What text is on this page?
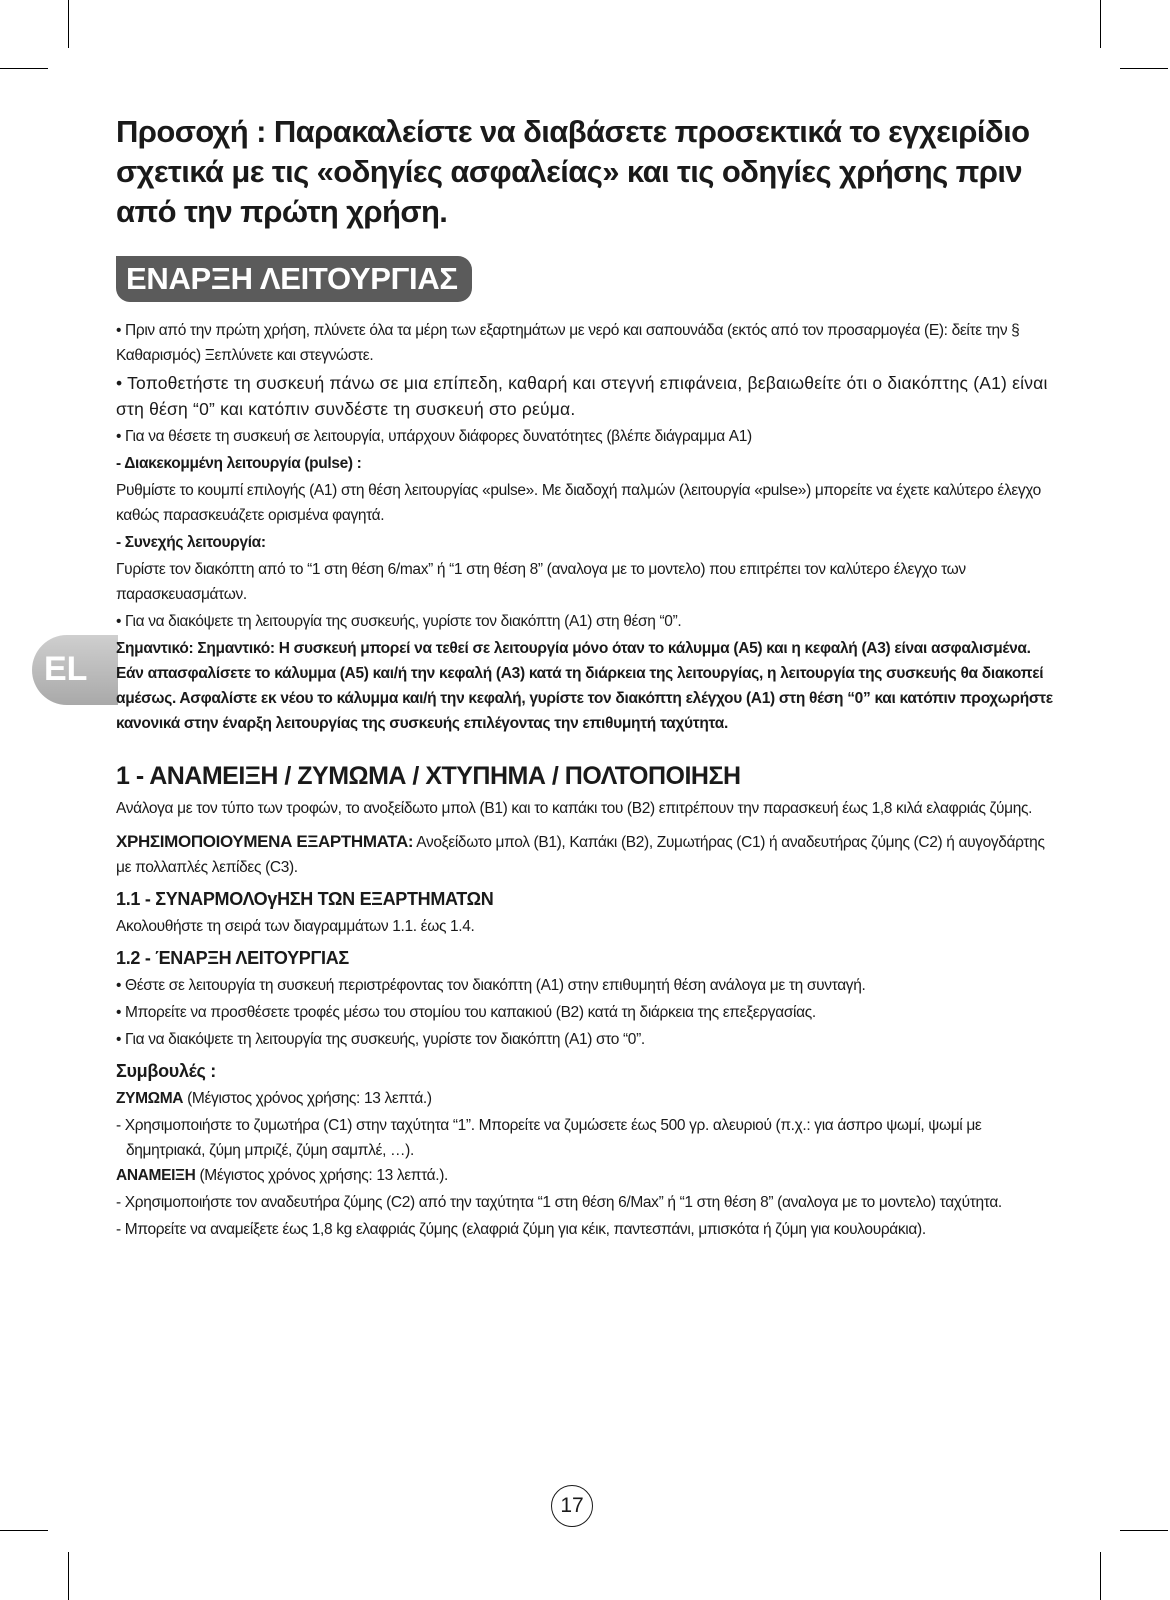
EL

Προσοχή : Παρακαλείστε να διαβάσετε προσεκτικά το εγχειρίδιο σχετικά με τις «οδηγίες ασφαλείας» και τις οδηγίες χρήσης πριν από την πρώτη χρήση.

ΕΝΑΡΞΗ ΛΕΙΤΟΥΡΓΙΑΣ

• Πριν από την πρώτη χρήση, πλύνετε όλα τα μέρη των εξαρτημάτων με νερό και σαπουνάδα (εκτός από τον προσαρμογέα (E): δείτε την § Καθαρισμός) Ξεπλύνετε και στεγνώστε.

• Τοποθετήστε τη συσκευή πάνω σε μια επίπεδη, καθαρή και στεγνή επιφάνεια, βεβαιωθείτε ότι ο διακόπτης (A1) είναι στη θέση “0” και κατόπιν συνδέστε τη συσκευή στο ρεύμα.

• Για να θέσετε τη συσκευή σε λειτουργία, υπάρχουν διάφορες δυνατότητες (βλέπε διάγραμμα A1)

- Διακεκομμένη λειτουργία (pulse) :

Ρυθμίστε το κουμπί επιλογής (A1) στη θέση λειτουργίας «pulse». Με διαδοχή παλμών (λειτουργία «pulse») μπορείτε να έχετε καλύτερο έλεγχο καθώς παρασκευάζετε ορισμένα φαγητά.

- Συνεχής λειτουργία:

Γυρίστε τον διακόπτη από το “1 στη θέση 6/max” ή “1 στη θέση 8” (αναλογα με το μοντελο) που επιτρέπει τον καλύτερο έλεγχο των παρασκευασμάτων.

• Για να διακόψετε τη λειτουργία της συσκευής, γυρίστε τον διακόπτη (A1) στη θέση “0”.

Σημαντικό: Σημαντικό: Η συσκευή μπορεί να τεθεί σε λειτουργία μόνο όταν το κάλυμμα (A5) και η κεφαλή (A3) είναι ασφαλισμένα. Εάν απασφαλίσετε το κάλυμμα (A5) και/ή την κεφαλή (A3) κατά τη διάρκεια της λειτουργίας, η λειτουργία της συσκευής θα διακοπεί αμέσως. Ασφαλίστε εκ νέου το κάλυμμα και/ή την κεφαλή, γυρίστε τον διακόπτη ελέγχου (A1) στη θέση “0” και κατόπιν προχωρήστε κανονικά στην έναρξη λειτουργίας της συσκευής επιλέγοντας την επιθυμητή ταχύτητα.

1 - ΑΝΑΜΕΙΞΗ / ΖΥΜΩΜΑ / ΧΤΥΠΗΜΑ / ΠΟΛΤΟΠΟΙΗΣΗ

Ανάλογα με τον τύπο των τροφών, το ανοξείδωτο μπολ (B1) και το καπάκι του (B2) επιτρέπουν την παρασκευή έως 1,8 κιλά ελαφριάς ζύμης.

ΧΡΗΣΙΜΟΠΟΙΟΥΜΕΝΑ ΕΞΑΡΤΗΜΑΤΑ: Ανοξείδωτο μπολ (B1), Καπάκι (B2), Ζυμωτήρας (C1) ή αναδευτήρας ζύμης (C2) ή αυγογδάρτης με πολλαπλές λεπίδες (C3).

1.1 - ΣΥΝΑΡΜΟΛΟγΗΣΗ ΤΩΝ ΕΞΑΡΤΗΜΑΤΩΝ

Ακολουθήστε τη σειρά των διαγραμμάτων 1.1. έως 1.4.

1.2 - ΈΝΑΡΞΗ ΛΕΙΤΟΥΡΓΙΑΣ

• Θέστε σε λειτουργία τη συσκευή περιστρέφοντας τον διακόπτη (A1) στην επιθυμητή θέση ανάλογα με τη συνταγή.

• Μπορείτε να προσθέσετε τροφές μέσω του στομίου του καπακιού (B2) κατά τη διάρκεια της επεξεργασίας.

• Για να διακόψετε τη λειτουργία της συσκευής, γυρίστε τον διακόπτη (A1) στο “0”.

Συμβουλές :

ΖΥΜΩΜΑ (Μέγιστος χρόνος χρήσης: 13 λεπτά.)

- Χρησιμοποιήστε το ζυμωτήρα (C1) στην ταχύτητα “1”. Μπορείτε να ζυμώσετε έως 500 γρ. αλευριού (π.χ.: για άσπρο ψωμί, ψωμί με δημητριακά, ζύμη μπριζέ, ζύμη σαμπλέ, …).

ΑΝΑΜΕΙΞΗ (Μέγιστος χρόνος χρήσης: 13 λεπτά.).

- Χρησιμοποιήστε τον αναδευτήρα ζύμης (C2) από την ταχύτητα “1 στη θέση 6/Max” ή “1 στη θέση 8” (αναλογα με το μοντελο) ταχύτητα.

- Μπορείτε να αναμείξετε έως 1,8 kg ελαφριάς ζύμης (ελαφριά ζύμη για κέικ, παντεσπάνι, μπισκότα ή ζύμη για κουλουράκια).

17
